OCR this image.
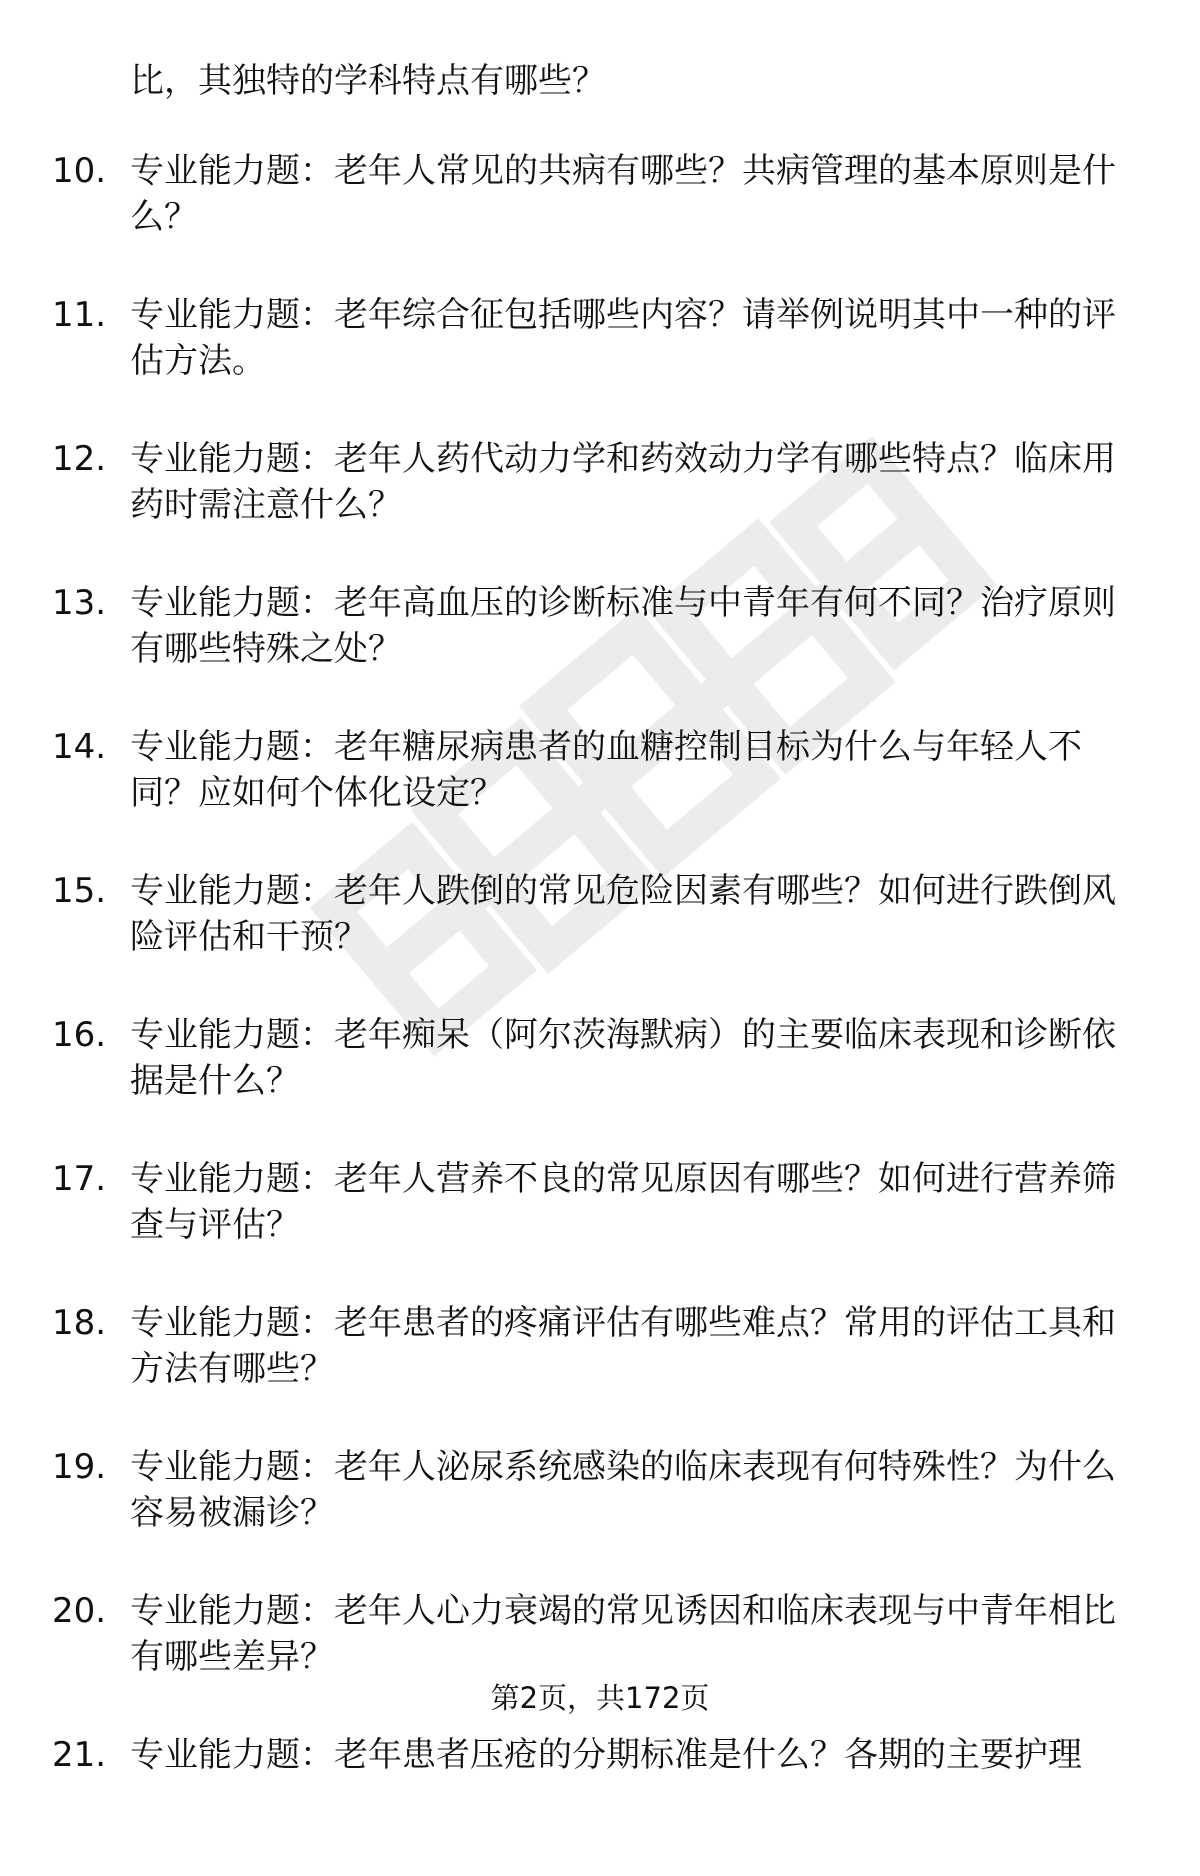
比，其独特的学科特点有哪些？
10. 专业能力题：老年人常见的共病有哪些？共病管理的基本原则是什么？
11. 专业能力题：老年综合征包括哪些内容？请举例说明其中一种的评估方法。
12. 专业能力题：老年人药代动力学和药效动力学有哪些特点？临床用药时需注意什么？
13. 专业能力题：老年高血压的诊断标准与中青年有何不同？治疗原则有哪些特殊之处？
14. 专业能力题：老年糖尿病患者的血糖控制目标为什么与年轻人不同？应如何个体化设定？
15. 专业能力题：老年人跌倒的常见危险因素有哪些？如何进行跌倒风险评估和干预？
16. 专业能力题：老年痴呆（阿尔茨海默病）的主要临床表现和诊断依据是什么？
17. 专业能力题：老年人营养不良的常见原因有哪些？如何进行营养筛查与评估？
18. 专业能力题：老年患者的疼痛评估有哪些难点？常用的评估工具和方法有哪些？
19. 专业能力题：老年人泌尿系统感染的临床表现有何特殊性？为什么容易被漏诊？
20. 专业能力题：老年人心力衰竭的常见诱因和临床表现与中青年相比有哪些差异？
21. 专业能力题：老年患者压疮的分期标准是什么？各期的主要护理
第2页，共172页
